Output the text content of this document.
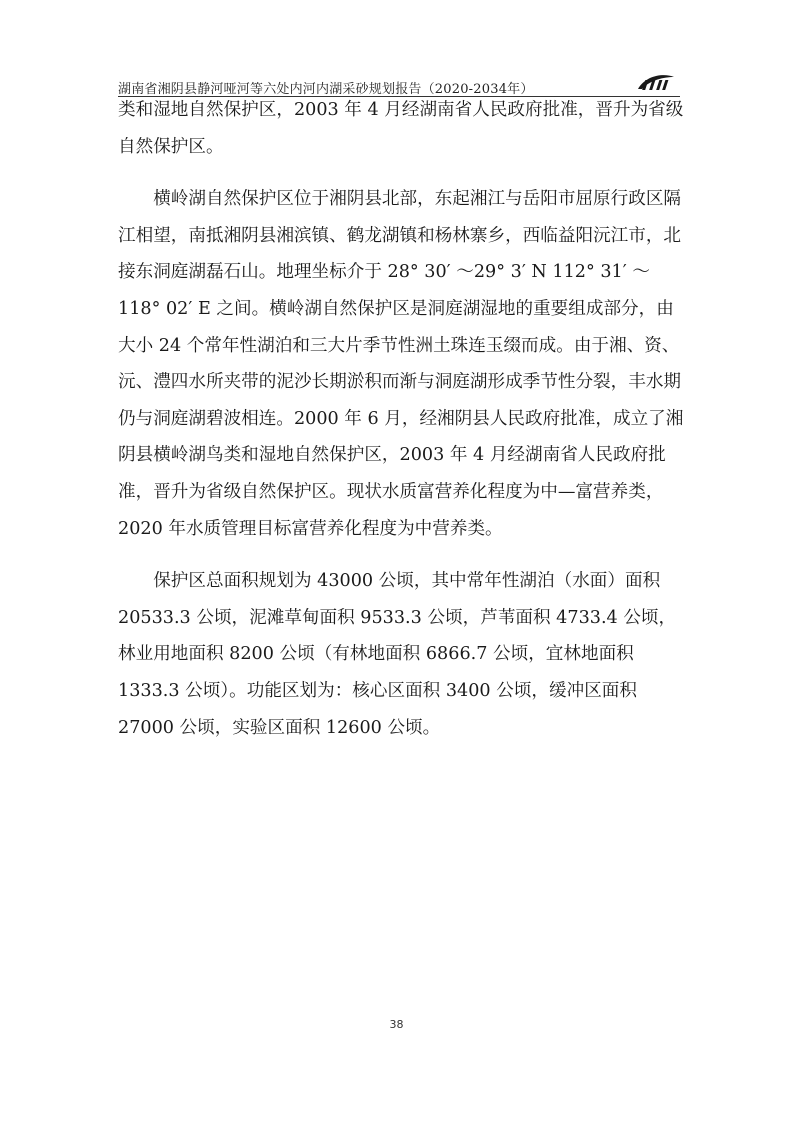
湖南省湘阴县静河哑河等六处内河内湖采砂规划报告（2020-2034年）

类和湿地自然保护区，2003 年 4 月经湖南省人民政府批准，晋升为省级自然保护区。

横岭湖自然保护区位于湘阴县北部，东起湘江与岳阳市屈原行政区隔江相望，南抵湘阴县湘滨镇、鹤龙湖镇和杨林寨乡，西临益阳沅江市，北接东洞庭湖磊石山。地理坐标介于 28° 30′ ～29° 3′ N 112° 31′ ～118° 02′ E 之间。横岭湖自然保护区是洞庭湖湿地的重要组成部分，由大小 24 个常年性湖泊和三大片季节性洲土珠连玉缀而成。由于湘、资、沅、澧四水所夹带的泥沙长期淤积而渐与洞庭湖形成季节性分裂，丰水期仍与洞庭湖碧波相连。2000 年 6 月，经湘阴县人民政府批准，成立了湘阴县横岭湖鸟类和湿地自然保护区，2003 年 4 月经湖南省人民政府批准，晋升为省级自然保护区。现状水质富营养化程度为中—富营养类， 2020 年水质管理目标富营养化程度为中营养类。

保护区总面积规划为 43000 公顷，其中常年性湖泊（水面）面积 20533.3 公顷，泥滩草甸面积 9533.3 公顷，芦苇面积 4733.4 公顷，林业用地面积 8200 公顷（有林地面积 6866.7 公顷，宜林地面积 1333.3 公顷）。功能区划为：核心区面积 3400 公顷，缓冲区面积 27000 公顷，实验区面积 12600 公顷。

38
